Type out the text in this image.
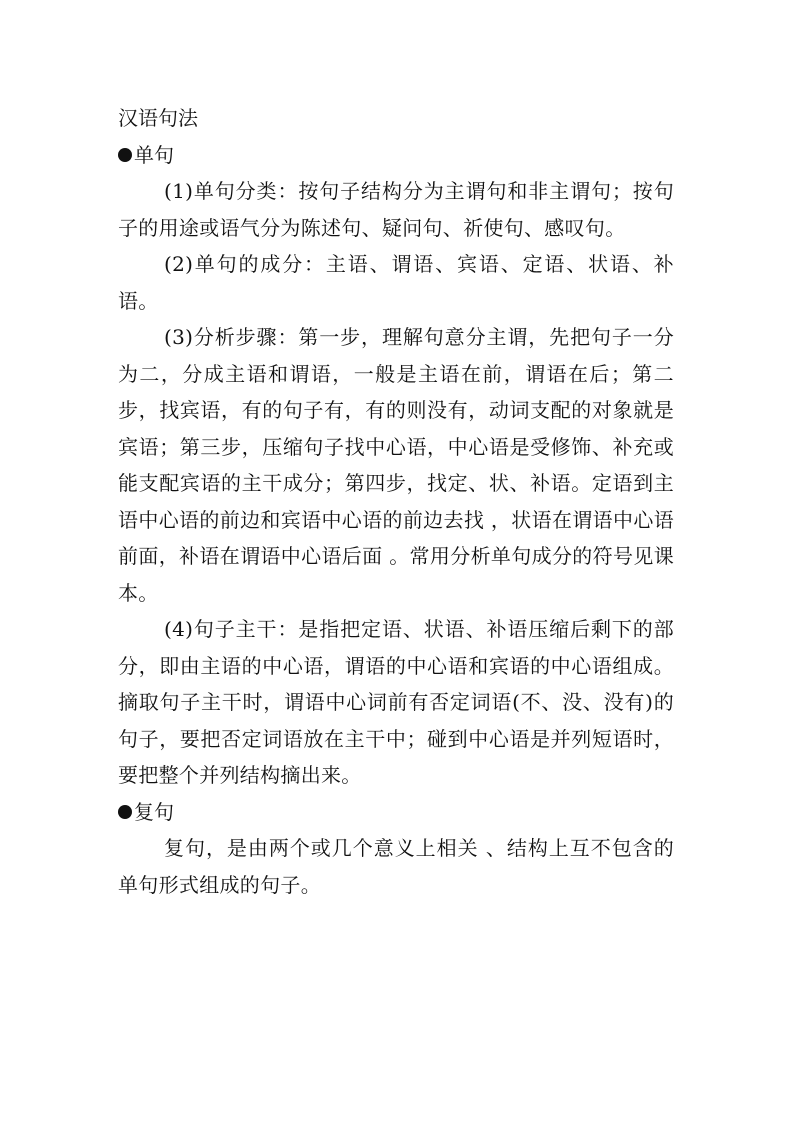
汉语句法
单句

(1)单句分类：按句子结构分为主谓句和非主谓句；按句子的用途或语气分为陈述句、疑问句、祈使句、感叹句。

(2)单句的成分：主语、谓语、宾语、定语、状语、补语。

(3)分析步骤：第一步，理解句意分主谓，先把句子一分为二，分成主语和谓语，一般是主语在前，谓语在后；第二步，找宾语，有的句子有，有的则没有，动词支配的对象就是宾语；第三步，压缩句子找中心语，中心语是受修饰、补充或能支配宾语的主干成分；第四步，找定、状、补语。定语到主语中心语的前边和宾语中心语的前边去找 ，状语在谓语中心语前面，补语在谓语中心语后面 。常用分析单句成分的符号见课本。

(4)句子主干：是指把定语、状语、补语压缩后剩下的部分，即由主语的中心语，谓语的中心语和宾语的中心语组成。摘取句子主干时，谓语中心词前有否定词语(不、没、没有)的句子，要把否定词语放在主干中；碰到中心语是并列短语时，要把整个并列结构摘出来。

复句

复句，是由两个或几个意义上相关 、结构上互不包含的单句形式组成的句子。
